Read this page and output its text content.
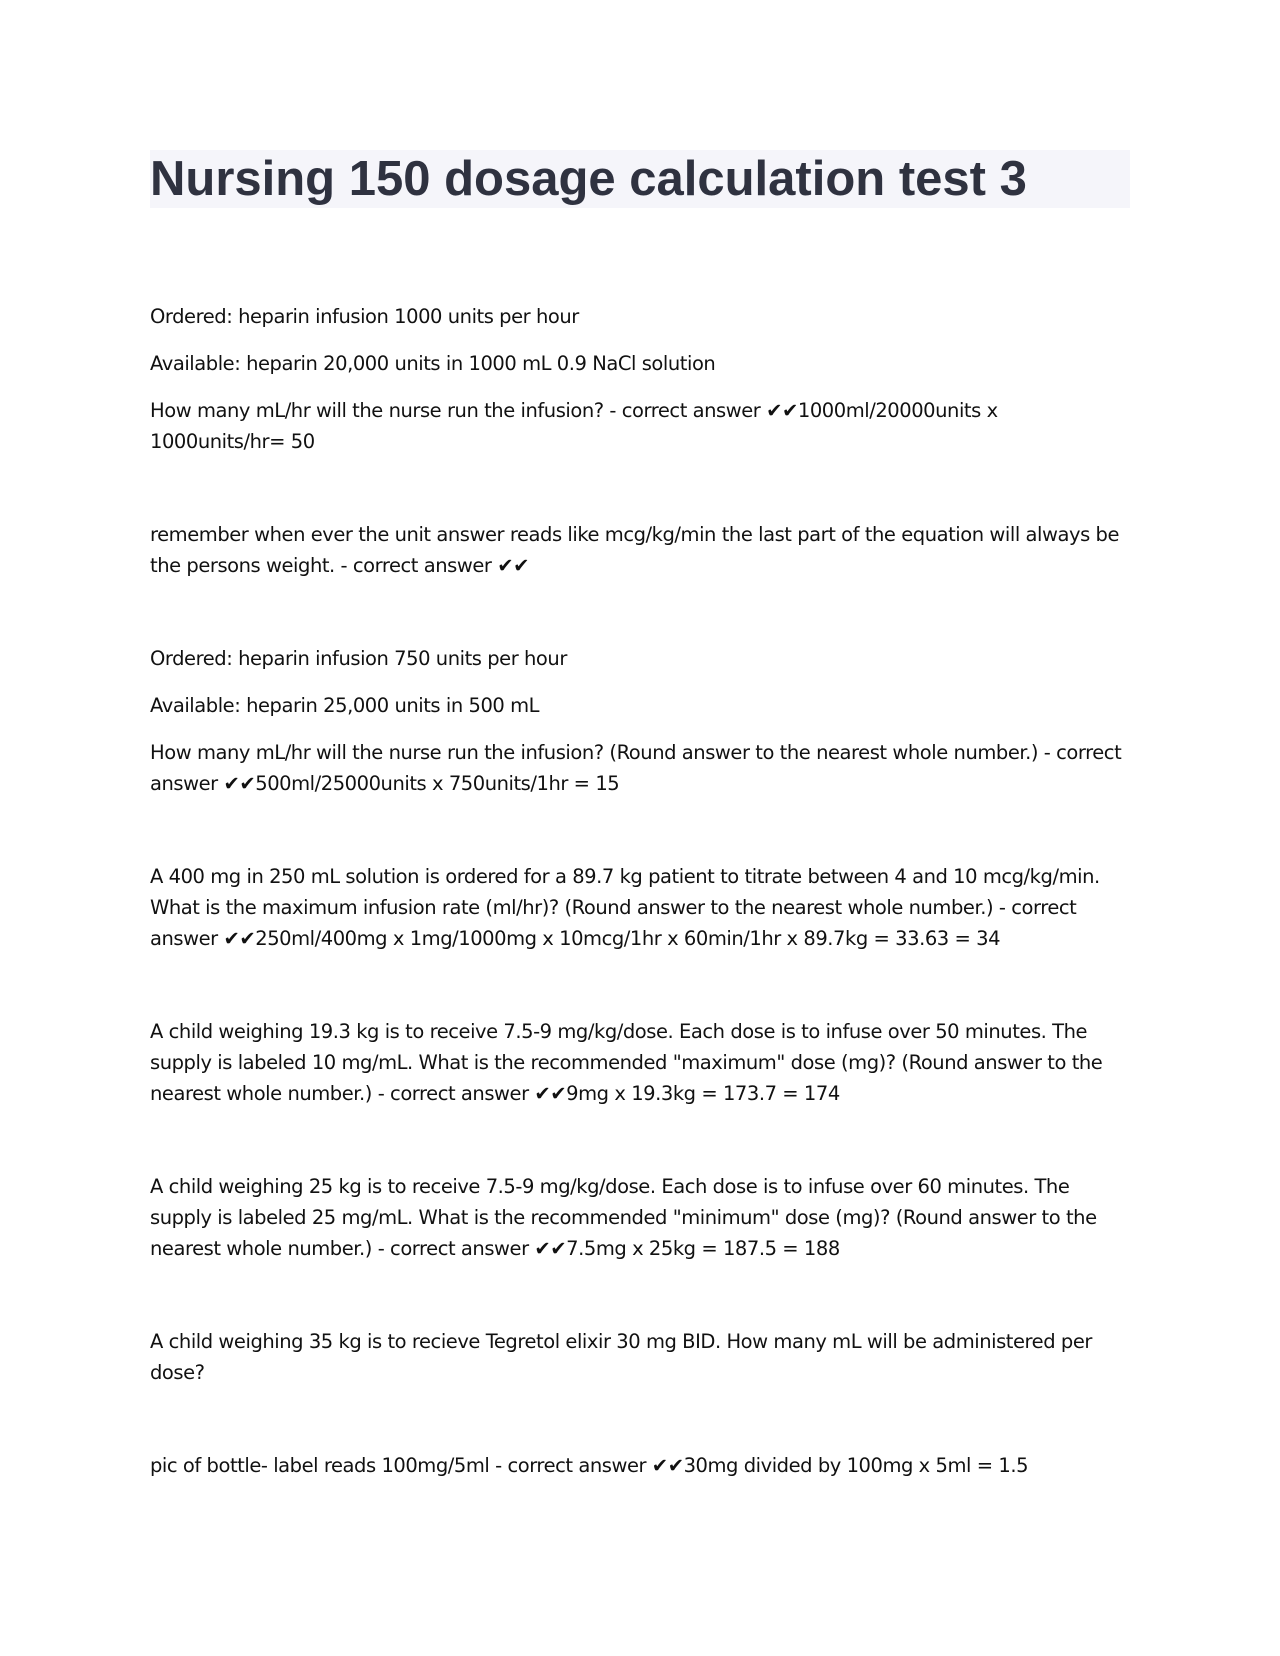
Nursing 150 dosage calculation test 3

Ordered: heparin infusion 1000 units per hour

Available: heparin 20,000 units in 1000 mL 0.9 NaCl solution

How many mL/hr will the nurse run the infusion? - correct answer ✔✔1000ml/20000units x 1000units/hr= 50

remember when ever the unit answer reads like mcg/kg/min the last part of the equation will always be the persons weight. - correct answer ✔✔

Ordered: heparin infusion 750 units per hour

Available: heparin 25,000 units in 500 mL

How many mL/hr will the nurse run the infusion? (Round answer to the nearest whole number.) - correct answer ✔✔500ml/25000units x 750units/1hr = 15

A 400 mg in 250 mL solution is ordered for a 89.7 kg patient to titrate between 4 and 10 mcg/kg/min. What is the maximum infusion rate (ml/hr)? (Round answer to the nearest whole number.) - correct answer ✔✔250ml/400mg x 1mg/1000mg x 10mcg/1hr x 60min/1hr x 89.7kg = 33.63 = 34

A child weighing 19.3 kg is to receive 7.5-9 mg/kg/dose. Each dose is to infuse over 50 minutes. The supply is labeled 10 mg/mL. What is the recommended "maximum" dose (mg)? (Round answer to the nearest whole number.) - correct answer ✔✔9mg x 19.3kg = 173.7 = 174

A child weighing 25 kg is to receive 7.5-9 mg/kg/dose. Each dose is to infuse over 60 minutes. The supply is labeled 25 mg/mL. What is the recommended "minimum" dose (mg)? (Round answer to the nearest whole number.) - correct answer ✔✔7.5mg x 25kg = 187.5 = 188

A child weighing 35 kg is to recieve Tegretol elixir 30 mg BID. How many mL will be administered per dose?

pic of bottle- label reads 100mg/5ml - correct answer ✔✔30mg divided by 100mg x 5ml = 1.5
